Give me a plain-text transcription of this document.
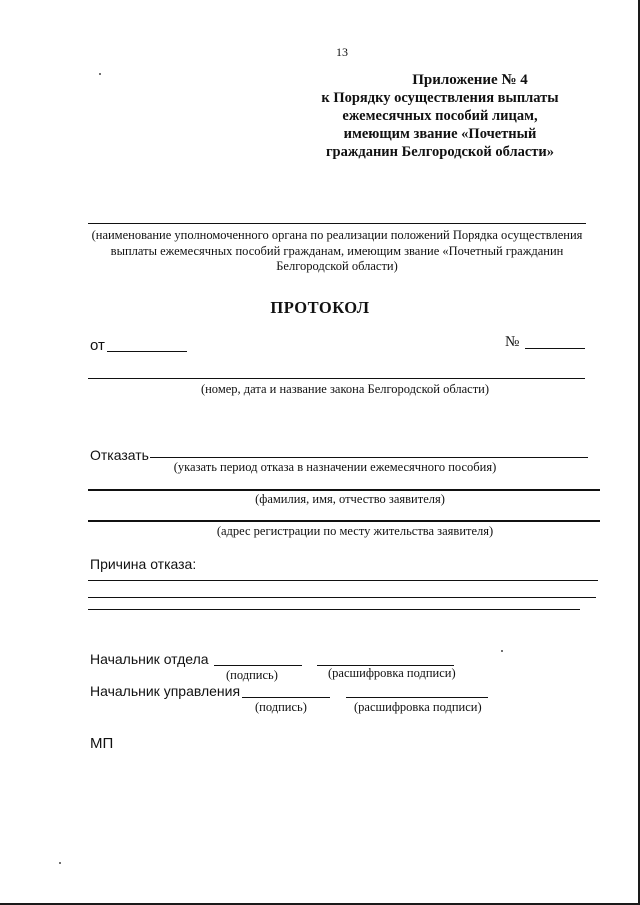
13
Приложение № 4
к Порядку осуществления выплаты
ежемесячных пособий лицам,
имеющим звание «Почетный
гражданин Белгородской области»
(наименование уполномоченного органа по реализации положений Порядка осуществления
выплаты ежемесячных пособий гражданам, имеющим звание «Почетный гражданин
Белгородской области)
ПРОТОКОЛ
от	№
(номер, дата и название закона Белгородской области)
Отказать
(указать период отказа в назначении ежемесячного пособия)
(фамилия, имя, отчество заявителя)
(адрес регистрации по месту жительства заявителя)
Причина отказа:
Начальник отдела
(подпись)	(расшифровка подписи)
Начальник управления
(подпись)	(расшифровка подписи)
МП
